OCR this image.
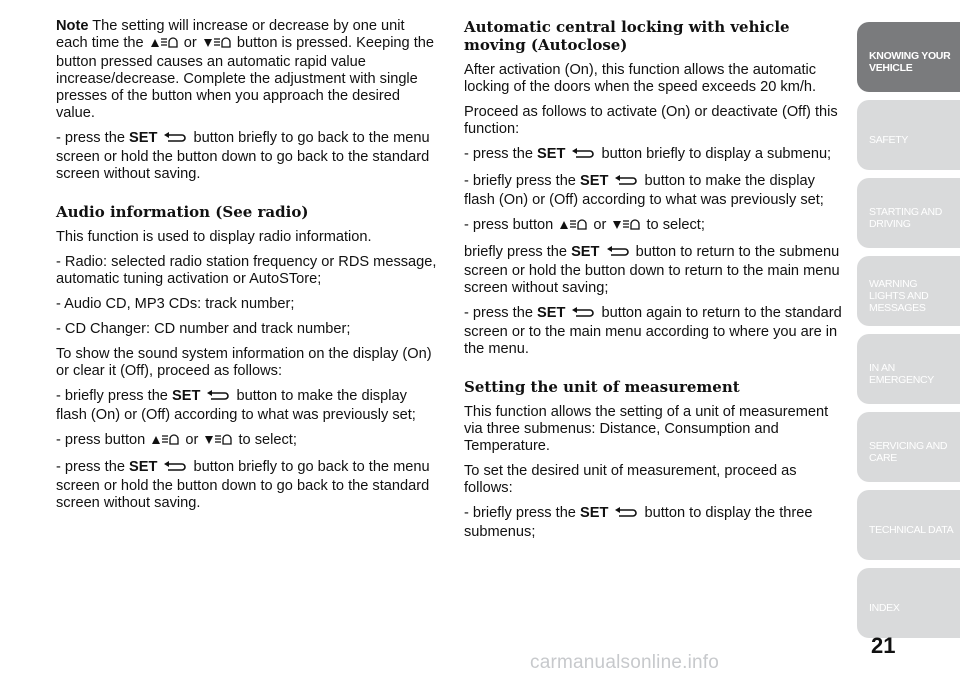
Note The setting will increase or decrease by one unit each time the	or	button is pressed. Keeping the button pressed causes an automatic rapid value increase/decrease. Complete the adjustment with single presses of the button when you approach the desired value.

- press the SET button briefly to go back to the menu screen or hold the button down to go back to the standard screen without saving.

Audio information (See radio)

This function is used to display radio information.

- Radio: selected radio station frequency or RDS message, automatic tuning activation or AutoSTore;

- Audio CD, MP3 CDs: track number;

- CD Changer: CD number and track number;

To show the sound system information on the display (On) or clear it (Off), proceed as follows:

- briefly press the SET button to make the display flash (On) or (Off) according to what was previously set;

- press button	or	to select;

- press the SET button briefly to go back to the menu screen or hold the button down to go back to the standard screen without saving.

Automatic central locking with vehicle moving (Autoclose)

After activation (On), this function allows the automatic locking of the doors when the speed exceeds 20 km/h.

Proceed as follows to activate (On) or deactivate (Off) this function:

- press the SET button briefly to display a submenu;

- briefly press the SET button to make the display flash (On) or (Off) according to what was previously set;

- press button	or	to select;

briefly press the SET button to return to the submenu screen or hold the button down to return to the main menu screen without saving;

- press the SET button again to return to the standard screen or to the main menu according to where you are in the menu.

Setting the unit of measurement

This function allows the setting of a unit of measurement via three submenus: Distance, Consumption and Temperature.

To set the desired unit of measurement, proceed as follows:

- briefly press the SET button to display the three submenus;

KNOWING YOUR VEHICLE
SAFETY
STARTING AND DRIVING
WARNING LIGHTS AND MESSAGES
IN AN EMERGENCY
SERVICING AND CARE
TECHNICAL DATA
INDEX
21
carmanualsonline.info
